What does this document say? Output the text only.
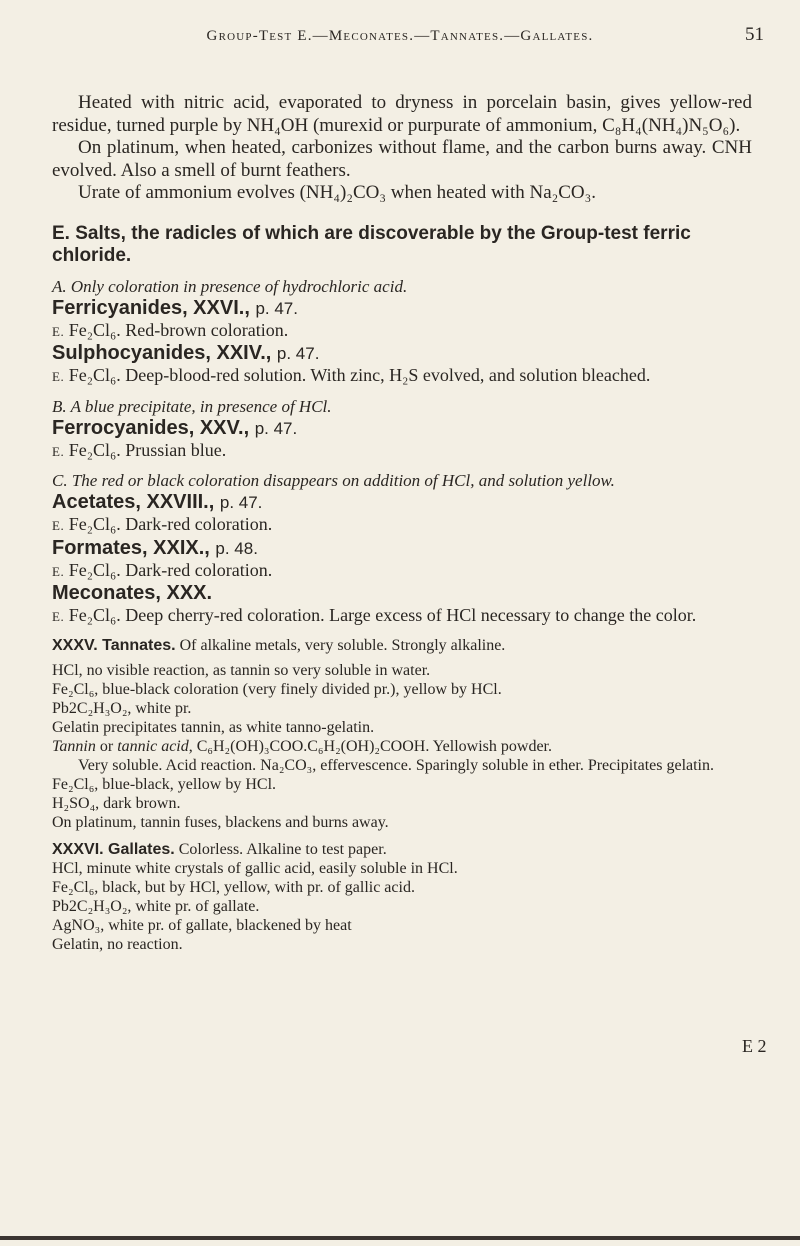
Group-Test E.—Meconates.—Tannates.—Gallates.	51

Heated with nitric acid, evaporated to dryness in porcelain basin, gives yellow-red residue, turned purple by NH₄OH (murexid or purpurate of ammonium, C₈H₄(NH₄)N₅O₆).

On platinum, when heated, carbonizes without flame, and the carbon burns away. CNH evolved. Also a smell of burnt feathers.

Urate of ammonium evolves (NH₄)₂CO₃ when heated with Na₂CO₃.

E. Salts, the radicles of which are discoverable by the Group-test ferric chloride.

A. Only coloration in presence of hydrochloric acid.

Ferricyanides, XXVI., p. 47.

E. Fe₂Cl₆. Red-brown coloration.

Sulphocyanides, XXIV., p. 47.

E. Fe₂Cl₆. Deep-blood-red solution. With zinc, H₂S evolved, and solution bleached.

B. A blue precipitate, in presence of HCl.

Ferrocyanides, XXV., p. 47.

E. Fe₂Cl₆. Prussian blue.

C. The red or black coloration disappears on addition of HCl, and solution yellow.

Acetates, XXVIII., p. 47.

E. Fe₂Cl₆. Dark-red coloration.

Formates, XXIX., p. 48.

E. Fe₂Cl₆. Dark-red coloration.

Meconates, XXX.

E. Fe₂Cl₆. Deep cherry-red coloration. Large excess of HCl necessary to change the color.

XXXV. Tannates. Of alkaline metals, very soluble. Strongly alkaline.

HCl, no visible reaction, as tannin so very soluble in water.

Fe₂Cl₆, blue-black coloration (very finely divided pr.), yellow by HCl.

Pb2C₂H₃O₂, white pr.

Gelatin precipitates tannin, as white tanno-gelatin.

Tannin or tannic acid, C₆H₂(OH)₃COO.C₆H₂(OH)₂COOH. Yellowish powder.

Very soluble. Acid reaction. Na₂CO₃, effervescence. Sparingly soluble in ether. Precipitates gelatin.

Fe₂Cl₆, blue-black, yellow by HCl.

H₂SO₄, dark brown.

On platinum, tannin fuses, blackens and burns away.

XXXVI. Gallates. Colorless. Alkaline to test paper.

HCl, minute white crystals of gallic acid, easily soluble in HCl.

Fe₂Cl₆, black, but by HCl, yellow, with pr. of gallic acid.

Pb2C₂H₃O₂, white pr. of gallate.

AgNO₃, white pr. of gallate, blackened by heat

Gelatin, no reaction.

E 2
